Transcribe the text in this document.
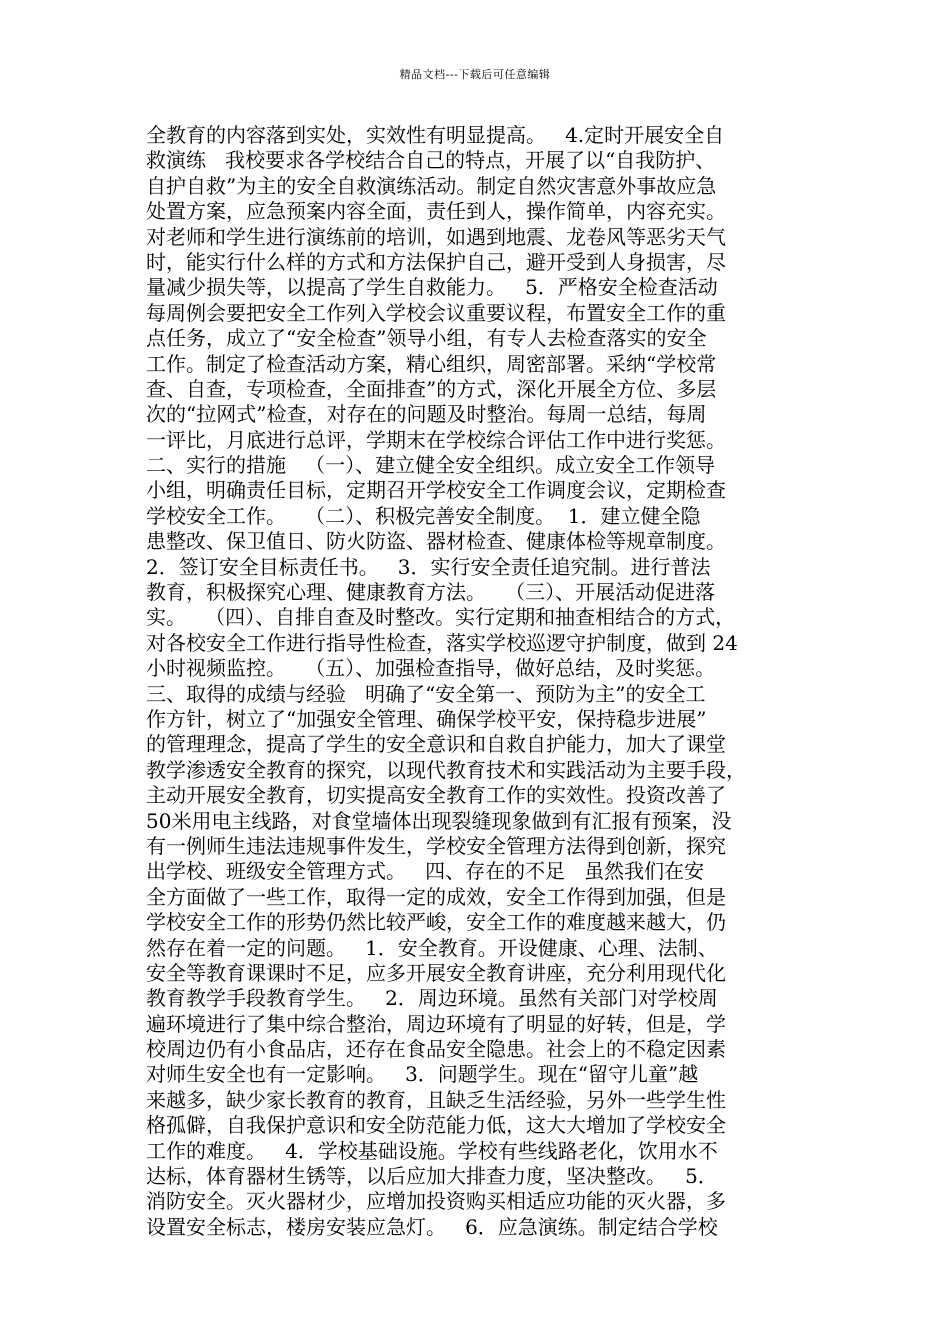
精品文档---下载后可任意编辑
全教育的内容落到实处，实效性有明显提高。   4.定时开展安全自
救演练   我校要求各学校结合自己的特点，开展了以“自我防护、
自护自救”为主的安全自救演练活动。制定自然灾害意外事故应急
处置方案，应急预案内容全面，责任到人，操作简单，内容充实。
对老师和学生进行演练前的培训，如遇到地震、龙卷风等恶劣天气
时，能实行什么样的方式和方法保护自己，避开受到人身损害，尽
量减少损失等，以提高了学生自救能力。   5．严格安全检查活动
每周例会要把安全工作列入学校会议重要议程，布置安全工作的重
点任务，成立了“安全检查”领导小组，有专人去检查落实的安全
工作。制定了检查活动方案，精心组织，周密部署。采纳“学校常
查、自查，专项检查，全面排查”的方式，深化开展全方位、多层
次的“拉网式”检查，对存在的问题及时整治。每周一总结，每周
一评比，月底进行总评，学期末在学校综合评估工作中进行奖惩。
二、实行的措施   （一）、建立健全安全组织。成立安全工作领导
小组，明确责任目标，定期召开学校安全工作调度会议，定期检查
学校安全工作。   （二）、积极完善安全制度。  1．建立健全隐
患整改、保卫值日、防火防盗、器材检查、健康体检等规章制度。
2．签订安全目标责任书。   3．实行安全责任追究制。进行普法
教育，积极探究心理、健康教育方法。   （三）、开展活动促进落
实。   （四）、自排自查及时整改。实行定期和抽查相结合的方式，
对各校安全工作进行指导性检查，落实学校巡逻守护制度，做到 24
小时视频监控。   （五）、加强检查指导，做好总结，及时奖惩。
三、取得的成绩与经验   明确了“安全第一、预防为主”的安全工
作方针，树立了“加强安全管理、确保学校平安，保持稳步进展”
的管理理念，提高了学生的安全意识和自救自护能力，加大了课堂
教学渗透安全教育的探究，以现代教育技术和实践活动为主要手段，
主动开展安全教育，切实提高安全教育工作的实效性。投资改善了
50米用电主线路，对食堂墙体出现裂缝现象做到有汇报有预案，没
有一例师生违法违规事件发生，学校安全管理方法得到创新，探究
出学校、班级安全管理方式。   四、存在的不足   虽然我们在安
全方面做了一些工作，取得一定的成效，安全工作得到加强，但是
学校安全工作的形势仍然比较严峻，安全工作的难度越来越大，仍
然存在着一定的问题。   1．安全教育。开设健康、心理、法制、
安全等教育课课时不足，应多开展安全教育讲座，充分利用现代化
教育教学手段教育学生。   2．周边环境。虽然有关部门对学校周
遍环境进行了集中综合整治，周边环境有了明显的好转，但是，学
校周边仍有小食品店，还存在食品安全隐患。社会上的不稳定因素
对师生安全也有一定影响。   3．问题学生。现在“留守儿童”越
来越多，缺少家长教育的教育，且缺乏生活经验，另外一些学生性
格孤僻，自我保护意识和安全防范能力低，这大大增加了学校安全
工作的难度。   4．学校基础设施。学校有些线路老化，饮用水不
达标，体育器材生锈等，以后应加大排查力度，坚决整改。   5．
消防安全。灭火器材少，应增加投资购买相适应功能的灭火器，多
设置安全标志，楼房安装应急灯。   6．应急演练。制定结合学校
